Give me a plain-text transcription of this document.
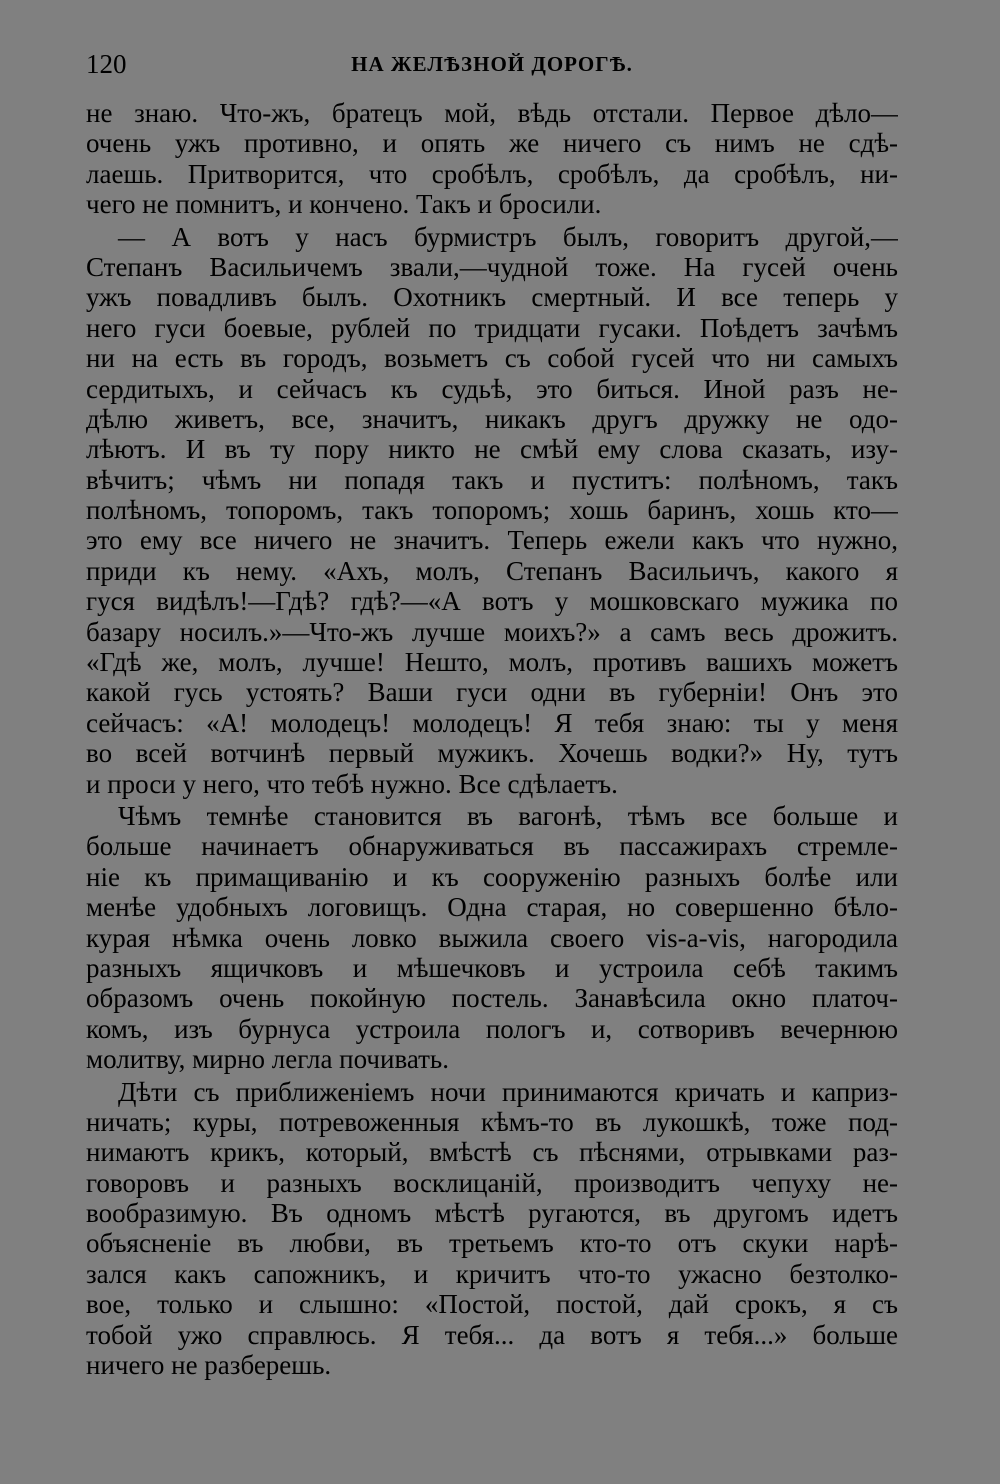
120	НА ЖЕЛѢЗНОЙ ДОРОГѢ.
не знаю. Что-жъ, братецъ мой, вѣдь отстали. Первое дѣло—
очень ужъ противно, и опять же ничего съ нимъ не сдѣ-
лаешь. Притворится, что сробѣлъ, сробѣлъ, да сробѣлъ, ни-
чего не помнитъ, и кончено. Такъ и бросили.
— А вотъ у насъ бурмистръ былъ, говоритъ другой,—
Степанъ Васильичемъ звали,—чудной тоже. На гусей очень
ужъ повадливъ былъ. Охотникъ смертный. И все теперь у
него гуси боевые, рублей по тридцати гусаки. Поѣдетъ зачѣмъ
ни на есть въ городъ, возьметъ съ собой гусей что ни самыхъ
сердитыхъ, и сейчасъ къ судьѣ, это биться. Иной разъ не-
дѣлю живетъ, все, значитъ, никакъ другъ дружку не одо-
лѣютъ. И въ ту пору никто не смѣй ему слова сказать, изу-
вѣчитъ; чѣмъ ни попадя такъ и пуститъ: полѣномъ, такъ
полѣномъ, топоромъ, такъ топоромъ; хошь баринъ, хошь кто—
это ему все ничего не значитъ. Теперь ежели какъ что нужно,
приди къ нему. «Ахъ, молъ, Степанъ Васильичъ, какого я
гуся видѣлъ!—Гдѣ? гдѣ?—«А вотъ у мошковскаго мужика по
базару носилъ.»—Что-жъ лучше моихъ?» а самъ весь дрожитъ.
«Гдѣ же, молъ, лучше! Нешто, молъ, противъ вашихъ можетъ
какой гусь устоять? Ваши гуси одни въ губерніи! Онъ это
сейчасъ: «А! молодецъ! молодецъ! Я тебя знаю: ты у меня
во всей вотчинѣ первый мужикъ. Хочешь водки?» Ну, тутъ
и проси у него, что тебѣ нужно. Все сдѣлаетъ.
Чѣмъ темнѣе становится въ вагонѣ, тѣмъ все больше и
больше начинаетъ обнаруживаться въ пассажирахъ стремле-
ніе къ примащиванію и къ сооруженію разныхъ болѣе или
менѣе удобныхъ логовищъ. Одна старая, но совершенно бѣло-
курая нѣмка очень ловко выжила своего vis-a-vis, нагородила
разныхъ ящичковъ и мѣшечковъ и устроила себѣ такимъ
образомъ очень покойную постель. Занавѣсила окно платоч-
комъ, изъ бурнуса устроила пологъ и, сотворивъ вечернюю
молитву, мирно легла почивать.
Дѣти съ приближеніемъ ночи принимаются кричать и каприз-
ничать; куры, потревоженныя кѣмъ-то въ лукошкѣ, тоже под-
нимаютъ крикъ, который, вмѣстѣ съ пѣснями, отрывками раз-
говоровъ и разныхъ восклицаній, производитъ чепуху не-
вообразимую. Въ одномъ мѣстѣ ругаются, въ другомъ идетъ
объясненіе въ любви, въ третьемъ кто-то отъ скуки нарѣ-
зался какъ сапожникъ, и кричитъ что-то ужасно безтолко-
вое, только и слышно: «Постой, постой, дай срокъ, я съ
тобой ужо справлюсь. Я тебя... да вотъ я тебя...» больше
ничего не разберешь.
